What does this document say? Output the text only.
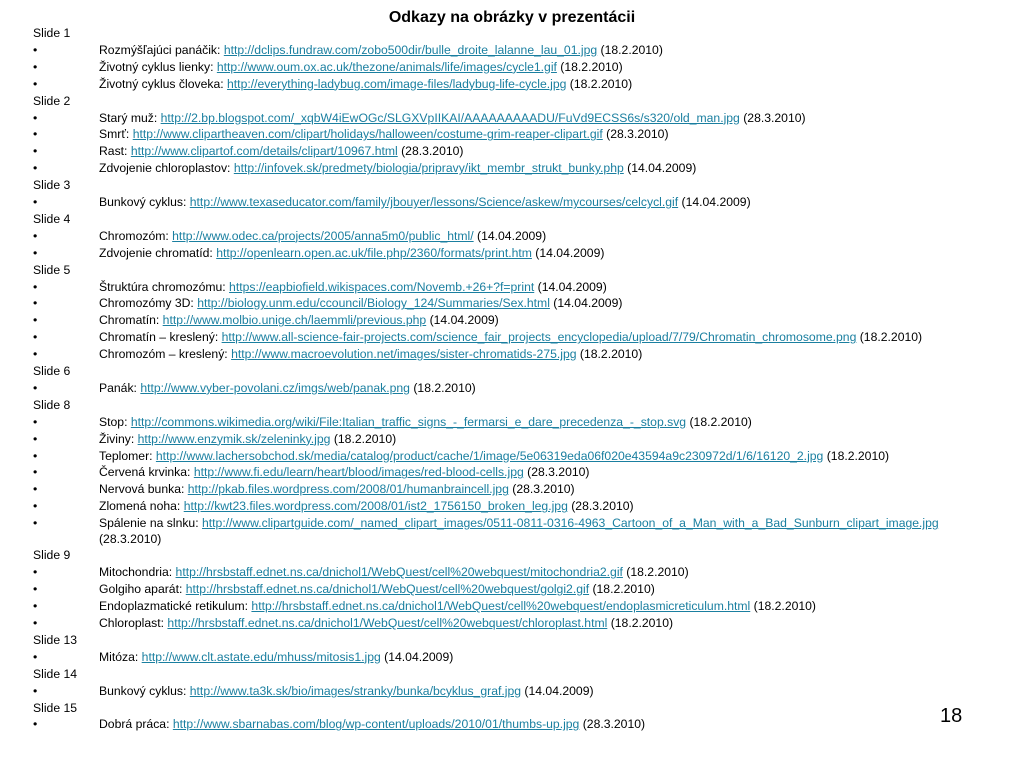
Odkazy na obrázky v prezentácii
Slide 1
•	Rozmýšľajúci panáčik: http://dclips.fundraw.com/zobo500dir/bulle_droite_lalanne_lau_01.jpg (18.2.2010)
•	Životný cyklus lienky: http://www.oum.ox.ac.uk/thezone/animals/life/images/cycle1.gif (18.2.2010)
•	Životný cyklus človeka: http://everything-ladybug.com/image-files/ladybug-life-cycle.jpg (18.2.2010)
Slide 2
•	Starý muž: http://2.bp.blogspot.com/_xqbW4iEwOGc/SLGXVpIIKAI/AAAAAAAAADU/FuVd9ECSS6s/s320/old_man.jpg (28.3.2010)
•	Smrť: http://www.clipartheaven.com/clipart/holidays/halloween/costume-grim-reaper-clipart.gif (28.3.2010)
•	Rast: http://www.clipartof.com/details/clipart/10967.html (28.3.2010)
•	Zdvojenie chloroplastov: http://infovek.sk/predmety/biologia/pripravy/ikt_membr_strukt_bunky.php (14.04.2009)
Slide 3
•	Bunkový cyklus: http://www.texaseducator.com/family/jbouyer/lessons/Science/askew/mycourses/celcycl.gif (14.04.2009)
Slide 4
•	Chromozóm: http://www.odec.ca/projects/2005/anna5m0/public_html/ (14.04.2009)
•	Zdvojenie chromatíd: http://openlearn.open.ac.uk/file.php/2360/formats/print.htm (14.04.2009)
Slide 5
•	Štruktúra chromozómu: https://eapbiofield.wikispaces.com/Novemb.+26+?f=print (14.04.2009)
•	Chromozómy 3D: http://biology.unm.edu/ccouncil/Biology_124/Summaries/Sex.html (14.04.2009)
•	Chromatín: http://www.molbio.unige.ch/laemmli/previous.php (14.04.2009)
•	Chromatín – kreslený: http://www.all-science-fair-projects.com/science_fair_projects_encyclopedia/upload/7/79/Chromatin_chromosome.png (18.2.2010)
•	Chromozóm – kreslený: http://www.macroevolution.net/images/sister-chromatids-275.jpg (18.2.2010)
Slide 6
•	Panák: http://www.vyber-povolani.cz/imgs/web/panak.png (18.2.2010)
Slide 8
•	Stop: http://commons.wikimedia.org/wiki/File:Italian_traffic_signs_-_fermarsi_e_dare_precedenza_-_stop.svg (18.2.2010)
•	Živiny: http://www.enzymik.sk/zeleninky.jpg (18.2.2010)
•	Teplomer: http://www.lachersobchod.sk/media/catalog/product/cache/1/image/5e06319eda06f020e43594a9c230972d/1/6/16120_2.jpg (18.2.2010)
•	Červená krvinka: http://www.fi.edu/learn/heart/blood/images/red-blood-cells.jpg (28.3.2010)
•	Nervová bunka: http://pkab.files.wordpress.com/2008/01/humanbraincell.jpg (28.3.2010)
•	Zlomená noha: http://kwt23.files.wordpress.com/2008/01/ist2_1756150_broken_leg.jpg (28.3.2010)
•	Spálenie na slnku: http://www.clipartguide.com/_named_clipart_images/0511-0811-0316-4963_Cartoon_of_a_Man_with_a_Bad_Sunburn_clipart_image.jpg (28.3.2010)
Slide 9
•	Mitochondria: http://hrsbstaff.ednet.ns.ca/dnichol1/WebQuest/cell%20webquest/mitochondria2.gif (18.2.2010)
•	Golgiho aparát: http://hrsbstaff.ednet.ns.ca/dnichol1/WebQuest/cell%20webquest/golgi2.gif (18.2.2010)
•	Endoplazmatické retikulum: http://hrsbstaff.ednet.ns.ca/dnichol1/WebQuest/cell%20webquest/endoplasmicreticulum.html (18.2.2010)
•	Chloroplast: http://hrsbstaff.ednet.ns.ca/dnichol1/WebQuest/cell%20webquest/chloroplast.html (18.2.2010)
Slide 13
•	Mitóza: http://www.clt.astate.edu/mhuss/mitosis1.jpg (14.04.2009)
Slide 14
•	Bunkový cyklus: http://www.ta3k.sk/bio/images/stranky/bunka/bcyklus_graf.jpg (14.04.2009)
Slide 15
•	Dobrá práca: http://www.sbarnabas.com/blog/wp-content/uploads/2010/01/thumbs-up.jpg (28.3.2010)	18
